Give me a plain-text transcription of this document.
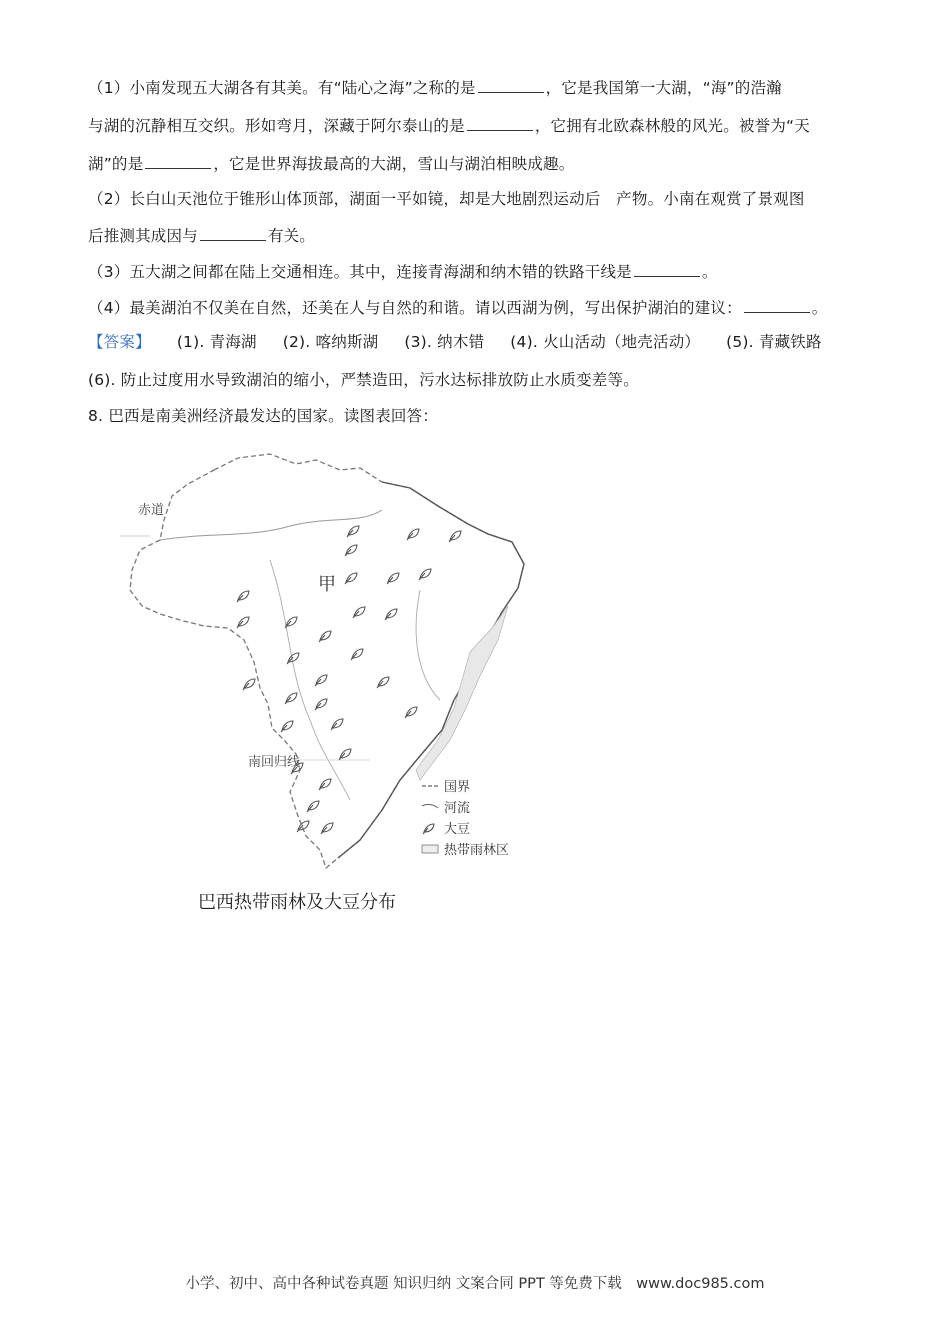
（1）小南发现五大湖各有其美。有“陆心之海”之称的是	，它是我国第一大湖，“海”的浩瀚
与湖的沉静相互交织。形如弯月，深藏于阿尔泰山的是	，它拥有北欧森林般的风光。被誉为“天
湖”的是	，它是世界海拔最高的大湖，雪山与湖泊相映成趣。
（2）长白山天池位于锥形山体顶部，湖面一平如镜，却是大地剧烈运动后　产物。小南在观赏了景观图
后推测其成因与	有关。
（3）五大湖之间都在陆上交通相连。其中，连接青海湖和纳木错的铁路干线是	。
（4）最美湖泊不仅美在自然，还美在人与自然的和谐。请以西湖为例，写出保护湖泊的建议：	。
【答案】 (1). 青海湖 (2). 喀纳斯湖 (3). 纳木错 (4). 火山活动（地壳活动） (5). 青藏铁路
(6). 防止过度用水导致湖泊的缩小，严禁造田，污水达标排放防止水质变差等。
8. 巴西是南美洲经济最发达的国家。读图表回答：
赤道
甲
南回归线
国界
河流
大豆
热带雨林区
巴西热带雨林及大豆分布
小学、初中、高中各种试卷真题 知识归纳 文案合同 PPT 等免费下载　www.doc985.com
